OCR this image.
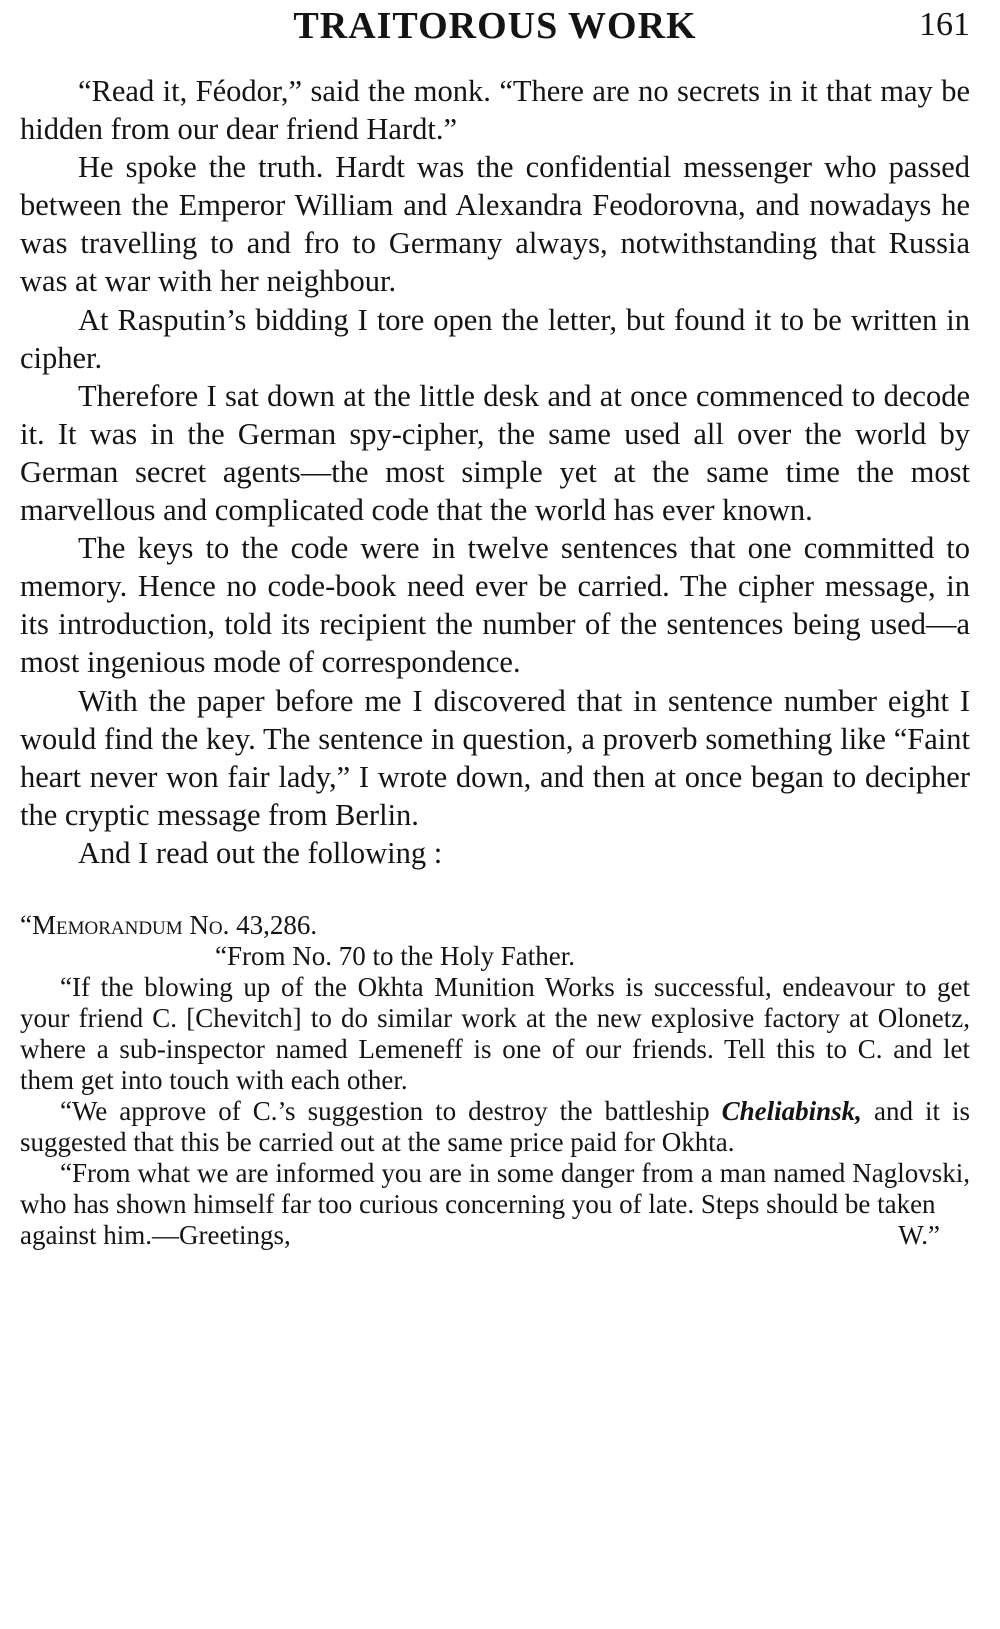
TRAITOROUS WORK	161

“Read it, Féodor,” said the monk. “There are no secrets in it that may be hidden from our dear friend Hardt.”

He spoke the truth. Hardt was the confidential messenger who passed between the Emperor William and Alexandra Feodorovna, and nowadays he was travelling to and fro to Germany always, notwithstanding that Russia was at war with her neighbour.

At Rasputin’s bidding I tore open the letter, but found it to be written in cipher.

Therefore I sat down at the little desk and at once commenced to decode it. It was in the German spy-cipher, the same used all over the world by German secret agents—the most simple yet at the same time the most marvellous and complicated code that the world has ever known.

The keys to the code were in twelve sentences that one committed to memory. Hence no code-book need ever be carried. The cipher message, in its introduction, told its recipient the number of the sentences being used—a most ingenious mode of correspondence.

With the paper before me I discovered that in sentence number eight I would find the key. The sentence in question, a proverb something like “Faint heart never won fair lady,” I wrote down, and then at once began to decipher the cryptic message from Berlin.

And I read out the following :

“Memorandum No. 43,286.

“From No. 70 to the Holy Father.

“If the blowing up of the Okhta Munition Works is successful, endeavour to get your friend C. [Chevitch] to do similar work at the new explosive factory at Olonetz, where a sub-inspector named Lemeneff is one of our friends. Tell this to C. and let them get into touch with each other.

“We approve of C.’s suggestion to destroy the battleship Cheliabinsk, and it is suggested that this be carried out at the same price paid for Okhta.

“From what we are informed you are in some danger from a man named Naglovski, who has shown himself far too curious concerning you of late. Steps should be taken

against him.—Greetings,	W.”
